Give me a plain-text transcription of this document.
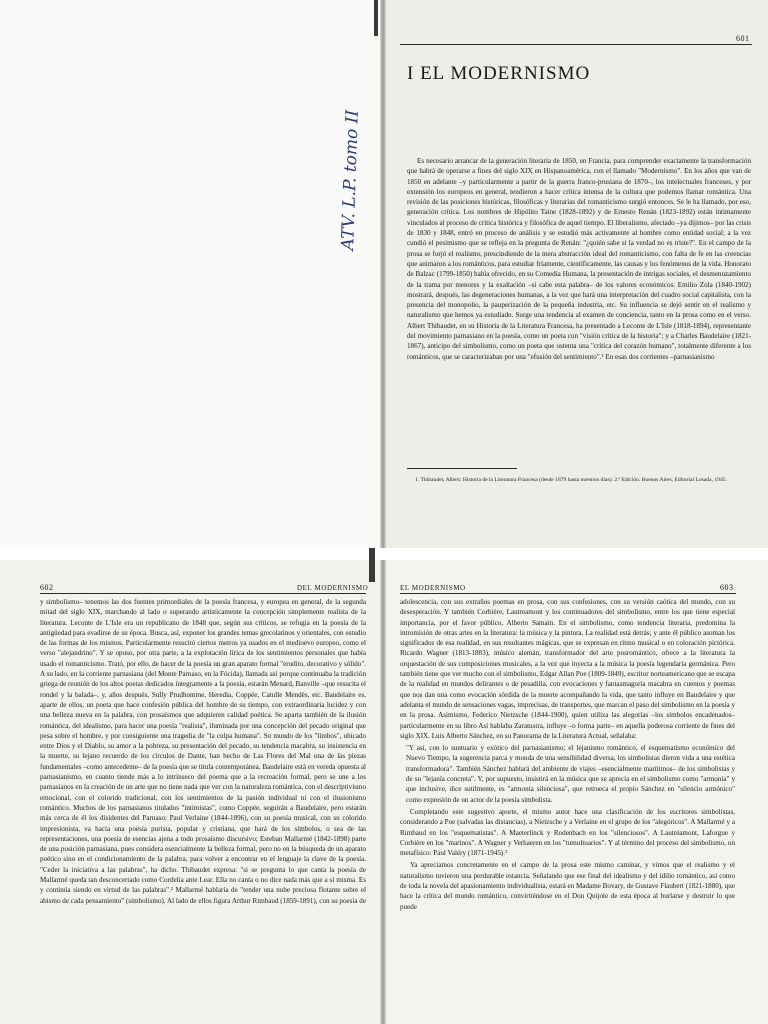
601
I EL MODERNISMO
ATV. L.P. tomo II	Es necesario arrancar de la generación literaria de 1850, en Francia, para comprender exactamente la transformación que habrá de operarse a fines del siglo XIX en Hispanoamérica, con el llamado "Modernismo". En los años que van de 1850 en adelante –y particularmente a partir de la guerra franco-prusiana de 1870–, los intelectuales franceses, y por extensión los europeos en general, tendieron a hacer crítica intensa de la cultura que podemos llamar romántica. Una revisión de las posiciones históricas, filosóficas y literarias del romanticismo surgió entonces. Se le ha llamado, por eso, generación crítica. Los nombres de Hipólito Taine (1828-1892) y de Ernesto Renán (1823-1892) están íntimamente vinculados al proceso de crítica histórica y filosófica de aquel tiempo. El liberalismo, afectado –ya dijimos– por las crisis de 1830 y 1848, entró en proceso de análisis y se estudió más activamente al hombre como entidad social; a la vez cundió el pesimismo que se refleja en la pregunta de Renán: "¿quién sabe si la verdad no es triste?". En el campo de la prosa se forjó el realismo, prescindiendo de la mera abstracción ideal del romanticismo, con falta de fe en las creencias que animaron a los románticos, para estudiar fríamente, científicamente, las causas y los fenómenos de la vida. Honorato de Balzac (1799-1850) había ofrecido, en su Comedia Humana, la presentación de intrigas sociales, el desmenuzamiento de la trama por menores y la exaltación –si cabe esta palabra– de los valores económicos. Emilio Zola (1840-1902) mostrará, después, las degeneraciones humanas, a la vez que hará una interpretación del cuadro social capitalista, con la presencia del monopolio, la pauperización de la pequeña industria, etc. Su influencia se dejó sentir en el realismo y naturalismo que hemos ya estudiado. Surge una tendencia al examen de conciencia, tanto en la prosa como en el verso. Albert Thibaudet, en su Historia de la Literatura Francesa, ha presentado a Leconte de L'Isle (1818-1894), representante del movimiento parnasiano en la poesía, como un poeta con "visión crítica de la historia"; y a Charles Baudelaire (1821-1867), anticipo del simbolismo, como un poeta que ostenta una "crítica del corazón humano", totalmente diferente a los románticos, que se caracterizaban por una "efusión del sentimiento".¹ En esas dos corrientes –parnasianismo

1. Thibaudet, Albert: Historia de la Literatura Francesa (desde 1879 hasta nuestros días). 2.ª Edición. Buenos Aires, Editorial Losada, 1945.
602	DEL MODERNISMO

y simbolismo– tenemos las dos fuentes primordiales de la poesía francesa, y europea en general, de la segunda mitad del siglo XIX, marchando al lado o superando artísticamente la concepción simplemente realista de la literatura. Leconte de L'Isle era un republicano de 1848 que, según sus críticos, se refugia en la poesía de la antigüedad para evadirse de su época. Busca, así, exponer los grandes temas grecolatinos y orientales, con estudio de las formas de los mismos. Particularmente resucitó ciertos metros ya usados en el medioevo europeo, como el verso "alejandrino". Y se opuso, por otra parte, a la explotación lírica de los sentimientos personales que había usado el romanticismo. Trató, por ello, de hacer de la poesía un gran aparato formal "erudito, decorativo y sólido". A su lado, en la corriente parnasiana (del Monte Parnaso, en la Fócida), llamada así porque continuaba la tradición griega de reunión de los altos poetas dedicados íntegramente a la poesía, estarán Menard, Banville –que resucita el rondel y la balada–, y, años después, Sully Prudhomme, Heredia, Coppée, Catulle Mendès, etc. Baudelaire es, aparte de ellos, un poeta que hace confesión pública del hombre de su tiempo, con extraordinaria lucidez y con una belleza nueva en la palabra, con prosaísmos que adquieren calidad poética. Se aparta también de la ilusión romántica, del idealismo, para hacer una poesía "realista", iluminada por una concepción del pecado original que pesa sobre el hombre, y por consiguiente una tragedia de "la culpa humana". Su mundo de los "limbos", ubicado entre Dios y el Diablo, su amor a la pobreza, su presentación del pecado, su tendencia macabra, su insistencia en la muerte, su lejano recuerdo de los círculos de Dante, han hecho de Las Flores del Mal una de las piezas fundamentales –como antecedente– de la poesía que se titula contemporánea. Baudelaire está en vereda opuesta al parnasianismo, en cuanto tiende más a lo intrínseco del poema que a la recreación formal, pero se une a los parnasianos en la creación de un arte que no tiene nada que ver con la naturaleza romántica, con el descriptivismo emocional, con el colorido tradicional, con los sentimientos de la pasión individual ni con el ilusionismo romántico. Muchos de los parnasianos titulados "intimistas", como Coppée, seguirán a Baudelaire, pero estarán más cerca de él los disidentes del Parnaso: Paul Verlaine (1844-1896), con su poesía musical, con su colorido impresionista, va hacia una poesía purista, popular y cristiana, que hará de los símbolos, o sea de las representaciones, una poesía de esencias ajena a todo prosaísmo discursivo; Esteban Mallarmé (1842-1898) parte de una posición parnasiana, pues considera esencialmente la belleza formal, pero no en la búsqueda de un aparato poético sino en el condicionamiento de la palabra, para volver a encontrar en el lenguaje la clave de la poesía. "Ceder la iniciativa a las palabras", ha dicho. Thibaudet expresa: "si se pregunta lo que canta la poesía de Mallarmé queda tan desconcertado como Cordelia ante Lear. Ella no canta o no dice nada más que a sí misma. Es y continúa siendo en virtud de las palabras".² Mallarmé hablaría de "tender una nube preciosa flotante sobre el abismo de cada pensamiento" (simbolismo). Al lado de ellos figura Arthur Rimbaud (1859-1891), con su poesía de

EL MODERNISMO	603

adolescencia, con sus extraños poemas en prosa, con sus confesiones, con su versión caótica del mundo, con su desesperación. Y también Corbière, Lautreamont y los continuadores del simbolismo, entre los que tiene especial importancia, por el favor público, Alberto Samain. En el simbolismo, como tendencia literaria, predomina la intromisión de otras artes en la literatura: la música y la pintura. La realidad está detrás; y ante él público asoman los significados de esa realidad, en sus resultantes mágicas, que se expresan en ritmo musical o en coloración pictórica. Ricardo Wagner (1813-1883), músico alemán, transformador del arte posromántico, ofrece a la literatura la orquestación de sus composiciones musicales, a la vez que inyecta a la música la poesía legendaria germánica. Pero también tiene que ver mucho con el simbolismo, Edgar Allan Poe (1809-1849), escritor norteamericano que se escapa de la realidad en mundos delirantes o de pesadilla, con evocaciones y fantasmagoría macabra en cuentos y poemas que nos dan una como evocación sórdida de la muerte acompañando la vida, que tanto influye en Baudelaire y que adelanta el mundo de sensaciones vagas, imprecisas, de transportes, que marcan el paso del simbolismo en la poesía y en la prosa. Asimismo, Federico Nietzsche (1844-1900), quien utiliza las alegorías –los símbolos encadenados– particularmente en su libro Así hablaba Zaratustra, influye –o forma parte– en aquella poderosa corriente de fines del siglo XIX. Luis Alberto Sánchez, en su Panorama de la Literatura Actual, señalaba:

"Y así, con lo suntuario y exótico del parnasianismo; el lejanismo romántico, el esquematismo económico del Nuevo Tiempo, la sugerencia parca y monda de una sensibilidad diversa, los simbolistas dieron vida a una estética transformadora". También Sánchez hablará del ambiente de viajes –esencialmente marítimos– de los simbolistas y de su "lejanía concreta". Y, por supuesto, insistirá en la música que se aprecia en el simbolismo como "armonía" y que inclusive, dice sutilmente, es "armonía silenciosa", que retrueca el propio Sánchez en "silencio armónico" como expresión de un actor de la poesía simbolista.

Completando este sugestivo aporte, el mismo autor hace una clasificación de los escritores simbolistas, considerando a Poe (salvadas las distancias), a Nietzsche y a Verlaine en el grupo de los "alegóricos". A Mallarmé y a Rimbaud en los "esquematistas". A Maeterlinck y Rodenbach en los "silenciosos". A Lautréamont, Laforgue y Corbière en los "marinos". A Wagner y Verhaeren en los "tumultuarios". Y al término del proceso del simbolismo, un metafísico: Paul Valéry (1871-1945).³

Ya apreciamos concretamente en el campo de la prosa este mismo caminar, y vimos que el realismo y el naturalismo tuvieron una perdurable estancia. Señalando que ese final del idealismo y del idilio romántico, así como de toda la novela del apasionamiento individualista, estará en Madame Bovary, de Gustave Flaubert (1821-1880), que hace la crítica del mundo romántico, convirtiéndose en el Don Quijote de esta época al burlarse y destruir lo que puede
